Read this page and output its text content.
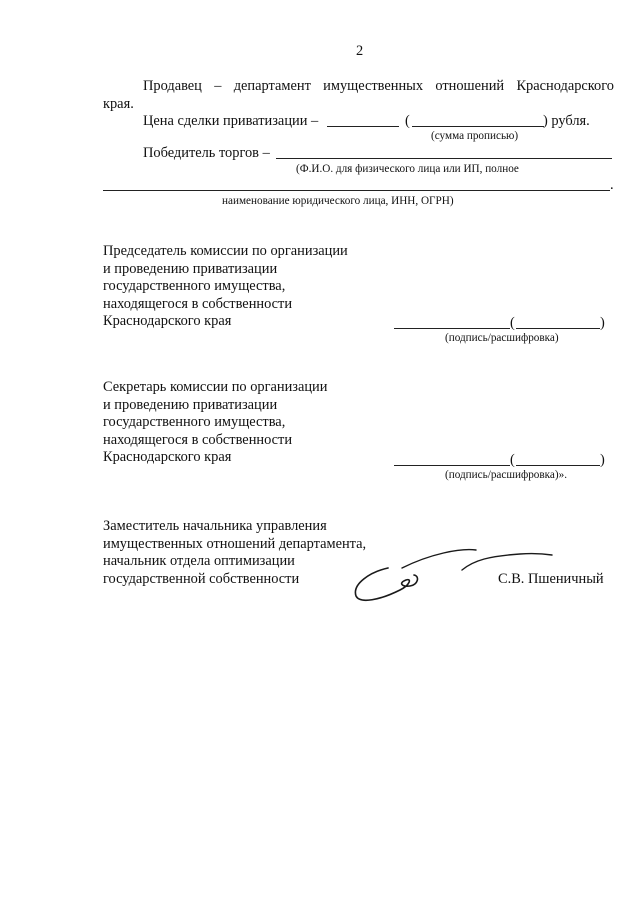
2
Продавец – департамент имущественных отношений Краснодарского
края.
Цена сделки приватизации –	(	) рубля.
(сумма прописью)
Победитель торгов –
(Ф.И.О. для физического лица или ИП, полное
.
наименование юридического лица, ИНН, ОГРН)
Председатель комиссии по организации
и проведению приватизации
государственного имущества,
находящегося в собственности
Краснодарского края	(	)
(подпись/расшифровка)
Секретарь комиссии по организации
и проведению приватизации
государственного имущества,
находящегося в собственности
Краснодарского края	(	)
(подпись/расшифровка)».
Заместитель начальника управления
имущественных отношений департамента,
начальник отдела оптимизации
государственной собственности	С.В. Пшеничный
